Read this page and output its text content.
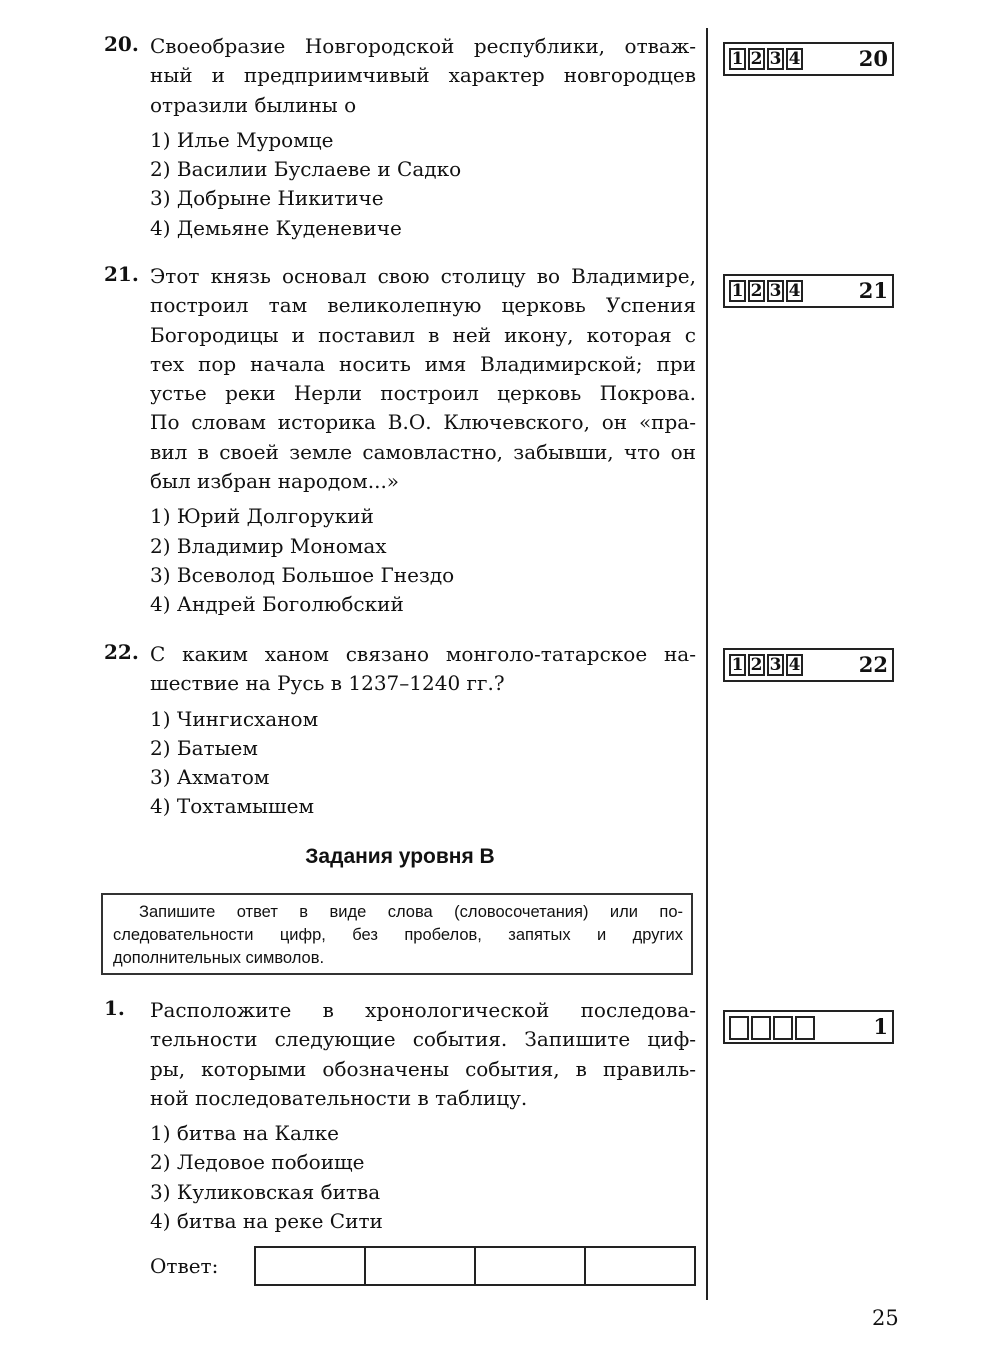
20. Своеобразие Новгородской республики, отваж-
ный и предприимчивый характер новгородцев
отразили былины о
1) Илье Муромце
2) Василии Буслаеве и Садко
3) Добрыне Никитиче
4) Демьяне Куденевиче
21. Этот князь основал свою столицу во Владимире,
построил там великолепную церковь Успения
Богородицы и поставил в ней икону, которая с
тех пор начала носить имя Владимирской; при
устье реки Нерли построил церковь Покрова.
По словам историка В.О. Ключевского, он «пра-
вил в своей земле самовластно, забывши, что он
был избран народом...»
1) Юрий Долгорукий
2) Владимир Мономах
3) Всеволод Большое Гнездо
4) Андрей Боголюбский
22. С каким ханом связано монголо-татарское на-
шествие на Русь в 1237–1240 гг.?
1) Чингисханом
2) Батыем
3) Ахматом
4) Тохтамышем
1. Расположите в хронологической последова-
тельности следующие события. Запишите циф-
ры, которыми обозначены события, в правиль-
ной последовательности в таблицу.
1) битва на Калке
2) Ледовое побоище
3) Куликовская битва
4) битва на реке Сити
Задания уровня В
Запишите ответ в виде слова (словосочетания) или по-
следовательности цифр, без пробелов, запятых и других
дополнительных символов.
Ответ:
25
1 2 3 4	20
1 2 3 4	21
1 2 3 4	22
1
